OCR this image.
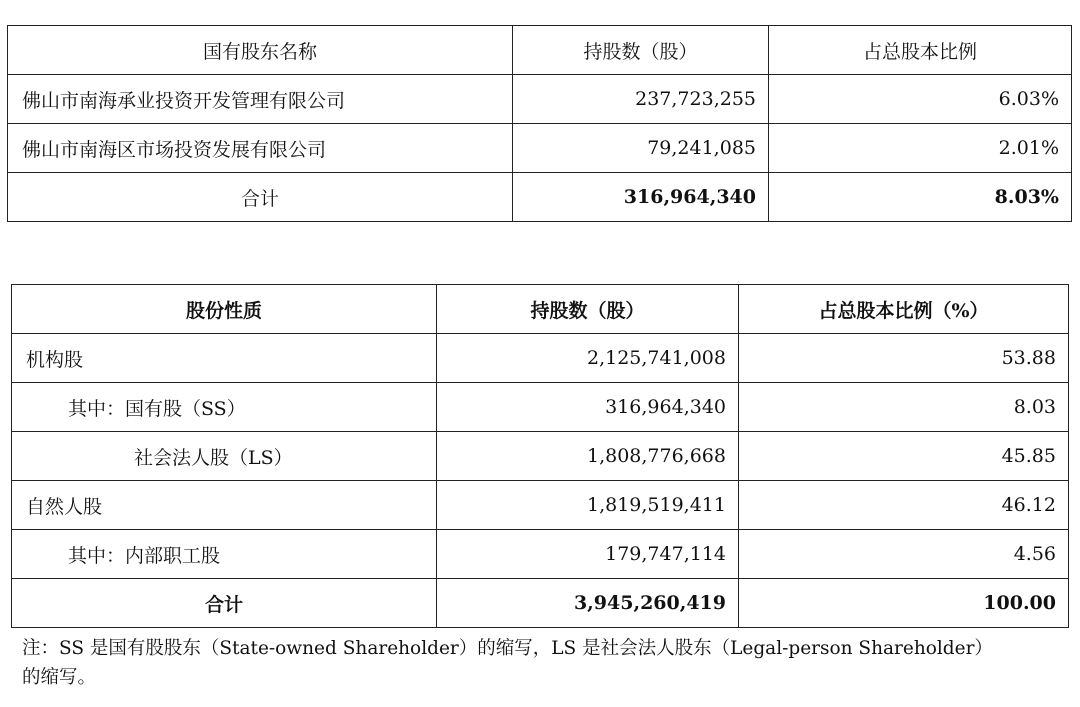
国有股东名称	持股数（股）	占总股本比例
佛山市南海承业投资开发管理有限公司	237,723,255	6.03%
佛山市南海区市场投资发展有限公司	79,241,085	2.01%
合计	316,964,340	8.03%
股份性质	持股数（股）	占总股本比例（%）
机构股	2,125,741,008	53.88
其中：国有股（SS）	316,964,340	8.03
社会法人股（LS）	1,808,776,668	45.85
自然人股	1,819,519,411	46.12
其中：内部职工股	179,747,114	4.56
合计	3,945,260,419	100.00
注：SS 是国有股股东（State-owned Shareholder）的缩写，LS 是社会法人股东（Legal-person Shareholder）
的缩写。
